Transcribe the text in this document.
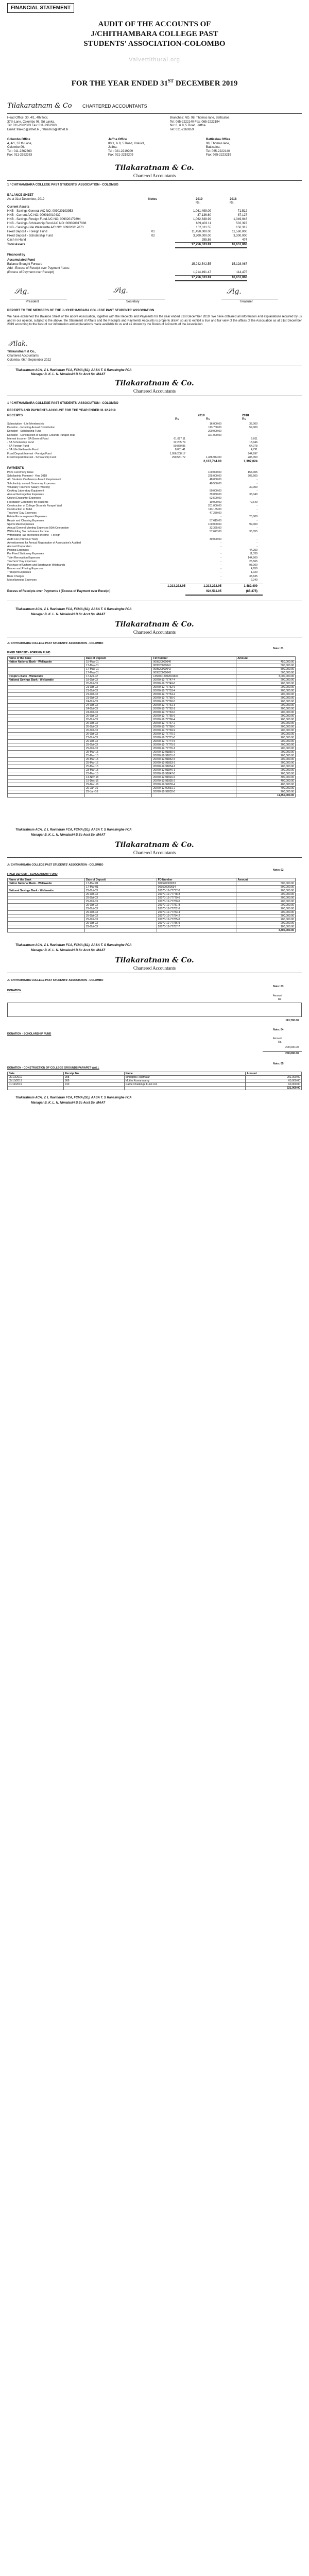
FINANCIAL STATEMENT
AUDIT OF THE ACCOUNTS OF
J/CHITHAMBARA COLLEGE PAST
STUDENTS' ASSOCIATION-COLOMBO
Valvettithurai.org
FOR THE YEAR ENDED 31ST DECEMBER 2019
Tilakaratnam & Co CHARTERED ACCOUNTANTS
Head Office: 30, 4/1, 4th floor,
37th Lane, Colombo 06, Sri Lanka.
Tel: 011-2362363 Fax: 011-2362363
Email: tilakco@sltnet.lk , ratnamco@sltnet.lk
Branches: NO. 98, Thomas lane, Batticaloa
Tel: 065-2222140 Fax: 065-2222194
No: 6, & 8, 5 Road, Jaffna.
Tel: 021-2260859
Colombo Office
4, 4/1, 37 th Lane,
Colombo 06.
Tel : 011-2362363
Fax: 011-2362363
Jaffna Office
80/1, & 8, 5 Road, Kokuvil,
Jaffna.
Tel : 021-2219209
Fax: 021-2219209
Batticaloa Office
98, Thomas lane,
Batticaloa.
Tel: 065-2222140
Fax: 065-2223219
Tilakaratnam & Co.
Chartered Accountants
1 / CHITHAMBARA COLLEGE PAST STUDENTS' ASSOCIATION - COLOMBO
BALANCE SHEET
As at 31st December, 2019	Notes	2019	2018
Rs.	Rs.
Current Assets
HNB - Savings General A/C NO: 009020103953	1,061,499.09	71,512
HNB - Current A/C NO: 009010010432	37,136.60	87,127
HNB - Savings-Foreign Fund A/C NO: 009020179894	1,062,838.99	1,049,946
HNB - Savings-Scholarship Fund A/C NO: 009020017088	689,403.11	502,397
HNB - Savings-Lille Wellawatte A/C NO: 009020017073	152,311.55	150,312
Fixed Deposit - Foreign Fund	01	11,450,000.00	11,560,000
Fixed Deposit - Scholarship Fund	02	3,300,000.00	3,300,000
Cash in Hand	295.86	474
Total Assets	17,756,533.81	16,651,068
Financed by
Accumulated Fund
Balance Brought Forward	15,242,542.55	15,128,067
Add : Excess of Receipt over Payment / Less:
(Excess of Payment over Receipt)	1,914,491.47	114,475
17,756,533.81	16,651,068
𝒮ig.	𝒮ig.	𝒮ig.
President	Secretary	Treasurer
REPORT TO THE MEMBERS OF THE J / CHITHAMBARA COLLEGE PAST STUDENTS' ASSOCIATION
We have examined the Balance Sheet of the above Association, together with the Receipts and Payments for the year ended 31st December 2019. We have obtained all information and explanations required by us and in our opinion, subject to the above, the Statement of Affairs and the Receipts and Payments Accounts is properly drawn so as to exhibit a true and fair view of the affairs of the Association as at 31st December 2019 according to the best of our information and explanations made available to us and as shown by the Books of Accounts of the Association.
𝒯ilak.
Tilakaratnam & Co.,
Chartered Accountants
Colombo, 06th September 2022
Tilakaratnam ACA, V. L Ravindran FCA, FCMA (SL), AASA T. S Ranasinghe FCA
Manager B. K. L. N. Nimalasiri B.Sc Acct Sp. MAAT
Tilakaratnam & Co.
Chartered Accountants
1 / CHITHAMBARA COLLEGE PAST STUDENTS' ASSOCIATION - COLOMBO
RECEIPTS AND PAYMENTS ACCOUNT FOR THE YEAR ENDED 31.12.2019
RECEIPTS	2019	2018
Rs	Rs	Rs
Subscription - Life Membership	16,000.00	32,000
Donation - Including Annual Contribution	113,700.00	59,000
Donation - Scholarship Fund	200,000.00	-
Donation - Construction of College Grounds Parapet Wall	321,000.00	-
Interest Income - SA General Fund	61,027.11	5,011
- SA Scholarship Fund	22,205.74	18,946
- SA Foreign Fund	50,869.85	64,078
- SA Lille Wellawatte Fund	8,051.41	4,791
Fixed Deposit Interest - Foreign Fund	1,056,208.17	944,997
Fixed Deposit Interest - Scholarship Fund	290,581.72	1,486,944.00	285,350
2,137,744.00	1,397,024
PAYMENTS
Prize Ceremony Issue	100,000.00	154,305
Scholarship Payment - Year 2018	225,000.00	205,500
A/L Students Conference Award Requirement	48,000.00	-
Scholarship annual Ceremony Expenses	40,550.00	-
Voluntary Teachers' Salary (Weekly)	-	30,000
Cooking Laboratory Equipment	50,000.00	-
Annual Get-together Expenses	39,050.00	33,040
Cricket Encounter Expenses	62,500.00	-
Felicitation Ceremony for Students	10,000.00	79,649
Construction of College Grounds Parapet Wall	201,000.00	-
Construction of Toilet	113,165.00	-
Teachers' Day Expenses	47,250.00	-
Estate Encouragement Expenses	-	25,000
Repair and Cleaning Expenses	57,615.00	-
Sports Meet Expenses	100,000.00	99,000
Annual General Meeting Expenses 50th Celebration	32,325.00	-
Withholding Tax on Interest Income	57,622.00	35,055
Withholding Tax on Interest Income - Foreign	-	-
Audit Fee (Previous Year)	30,000.00	-
Advertisement for Annual Registration of Association's Audited	-	-
Account Preparation	-	-
Printing Expenses	-	44,250
Pre Fixed Stationery Expenses	-	11,330
Toilet Renovation Expenses	-	144,500
Teachers' Day Expenses	-	25,565
Purchase of Uniform and Sportswear Wristbands	-	98,000
Banner and Printing Expenses	-	4,650
Transport Expenses	-	1,020
Bank Charges	-	33,635
Miscellaneous Expenses	-	2,240
1,213,232.95	1,213,232.95	1,482,499
Excess of Receipts over Payments / (Excess of Payment over Receipt)	924,511.05	(85,475)
Tilakaratnam ACA, V. L Ravindran FCA, FCMA (SL), AASA T. S Ranasinghe FCA
Manager B. K. L. N. Nimalasiri B.Sc Acct Sp. MAAT
Tilakaratnam & Co.
Chartered Accountants
J / CHITHAMBARA COLLEGE PAST STUDENTS' ASSOCIATION - COLOMBO
Note: 01
FIXED DEPOSIT - FOREIGN FUND
Name of the Bank	Date of Deposit	FD Number	Amount
Hatton National Bank - Wellawatte	15-May-01	009520000040	450,000.00
	17-May-01	009520000041	500,000.00
	17-May-01	009520000042	500,000.00
	17-May-01	009520000043	500,000.00
People's Bank - Wellawatte	17-Apr-02	14560012002001654	3,000,000.00
National Savings Bank - Wellawatte	18-Oct-03	20070-12-77747-4	200,000.00
	20-Oct-03	20070-12-77749-8	200,000.00
	21-Oct-03	20070-12-77752-6	200,000.00
	21-Oct-03	20070-12-77753-4	200,000.00
	21-Oct-03	20070-12-77754-2	200,000.00
	21-Oct-03	20070-12-77755-0	200,000.00
	24-Oct-03	20070-12-77760-5	200,000.00
	24-Oct-03	20070-12-77761-3	200,000.00
	24-Oct-03	20070-12-77762-1	200,000.00
	24-Oct-03	20070-12-77763-0	200,000.00
	26-Oct-03	20070-12-77765-6	200,000.00
	26-Oct-03	20070-12-77766-4	200,000.00
	26-Oct-03	20070-12-77767-2	200,000.00
	26-Oct-03	20070-12-77768-0	200,000.00
	26-Oct-03	20070-12-77769-9	200,000.00
	26-Oct-03	20070-12-77770-2	200,000.00
	27-Oct-03	20070-12-77771-0	200,000.00
	29-Oct-03	20070-12-77774-5	200,000.00
	29-Oct-03	20070-12-77775-3	200,000.00
	29-Oct-03	20070-12-77776-1	200,000.00
	25-Mar-15	20070-12-91850-9	200,000.00
	25-Mar-15	20070-12-91851-7	200,000.00
	25-Mar-15	20070-12-91852-5	200,000.00
	25-Mar-15	20070-12-91853-3	200,000.00
	25-Mar-15	20070-12-91854-1	200,000.00
	23-Mar-15	20070-12-91846-1	200,000.00
	23-Mar-15	20070-12-91847-0	200,000.00
	14-Nov-15	20070-12-91916-6	300,000.00
	19-Dec-15	20070-12-91935-2	400,000.00
	29-Dec-16	20070-12-92030-4	400,000.00
	29-Jan-16	20070-12-92031-2	400,000.00
	29-Jan-16	20070-12-92032-0	200,000.00
			11,450,000.00
Tilakaratnam ACA, V. L Ravindran FCA, FCMA (SL), AASA T. S Ranasinghe FCA
Manager B. K. L. N. Nimalasiri B.Sc Acct Sp. MAAT
Tilakaratnam & Co.
Chartered Accountants
J / CHITHAMBARA COLLEGE PAST STUDENTS' ASSOCIATION - COLOMBO
Note: 02
FIXED DEPOSIT - SCHOLARSHIP FUND
Name of the Bank	Date of Deposit	FD Number	Amount
Hatton National Bank - Wellawatte	17-Mar-01	009520000033	500,000.00
	17-Mar-01	009520000034	500,000.00
National Savings Bank - Wellawatte	29-Oct-03	20070-12-77777-0	200,000.00
	29-Oct-03	20070-12-77778-8	200,000.00
	29-Oct-03	20070-12-77779-6	200,000.00
	29-Oct-03	20070-12-77780-0	200,000.00
	29-Oct-03	20070-12-77781-8	200,000.00
	29-Oct-03	20070-12-77782-6	200,000.00
	29-Oct-03	20070-12-77783-4	200,000.00
	29-Oct-03	20070-12-77784-2	200,000.00
	29-Oct-03	20070-12-77785-0	200,000.00
	29-Oct-03	20070-12-77786-9	200,000.00
	29-Oct-03	20070-12-77787-7	100,000.00
			3,300,000.00
Tilakaratnam ACA, V. L Ravindran FCA, FCMA (SL), AASA T. S Ranasinghe FCA
Manager B. K. L. N. Nimalasiri B.Sc Acct Sp. MAAT
Tilakaratnam & Co.
Chartered Accountants
J / CHITHAMBARA COLLEGE PAST STUDENTS' ASSOCIATION - COLOMBO
Note: 03
DONATION
Amount
Rs
113,700.00
Note: 04
DONATION - SCHOLARSHIP FUND
Amount
Rs.
200,000.00
200,000.00
Note: 05
DONATION - CONSTRUCTION OF COLLEGE GROUNDS PARAPET WALL
Date	Receipt No.	Name	Amount
05/10/2019	908	Sinnappu Rajamalar	201,000.00
05/10/2019	909	Muthu Kumarasamy	60,000.00
01/11/2019	910	Rathe Challenge Fund Ltd.	60,000.00
			321,000.00
Tilakaratnam ACA, V. L Ravindran FCA, FCMA (SL), AASA T. S Ranasinghe FCA
Manager B. K. L. N. Nimalasiri B.Sc Acct Sp. MAAT
